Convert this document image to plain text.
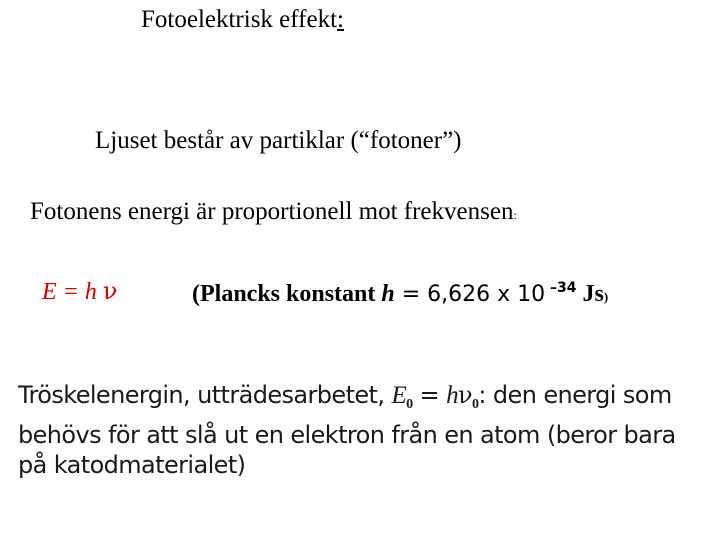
Fotoelektrisk effekt:
Ljuset består av partiklar (“fotoner”)
Fotonens energi är proportionell mot frekvensen:
E = h ν	(Plancks konstant h = 6,626 x 10 $^{-34}$ Js)
Tröskelenergin, utträdesarbetet, $E_0 = h\nu_0$: den energi som behövs för att slå ut en elektron från en atom (beror bara på katodmaterialet)
